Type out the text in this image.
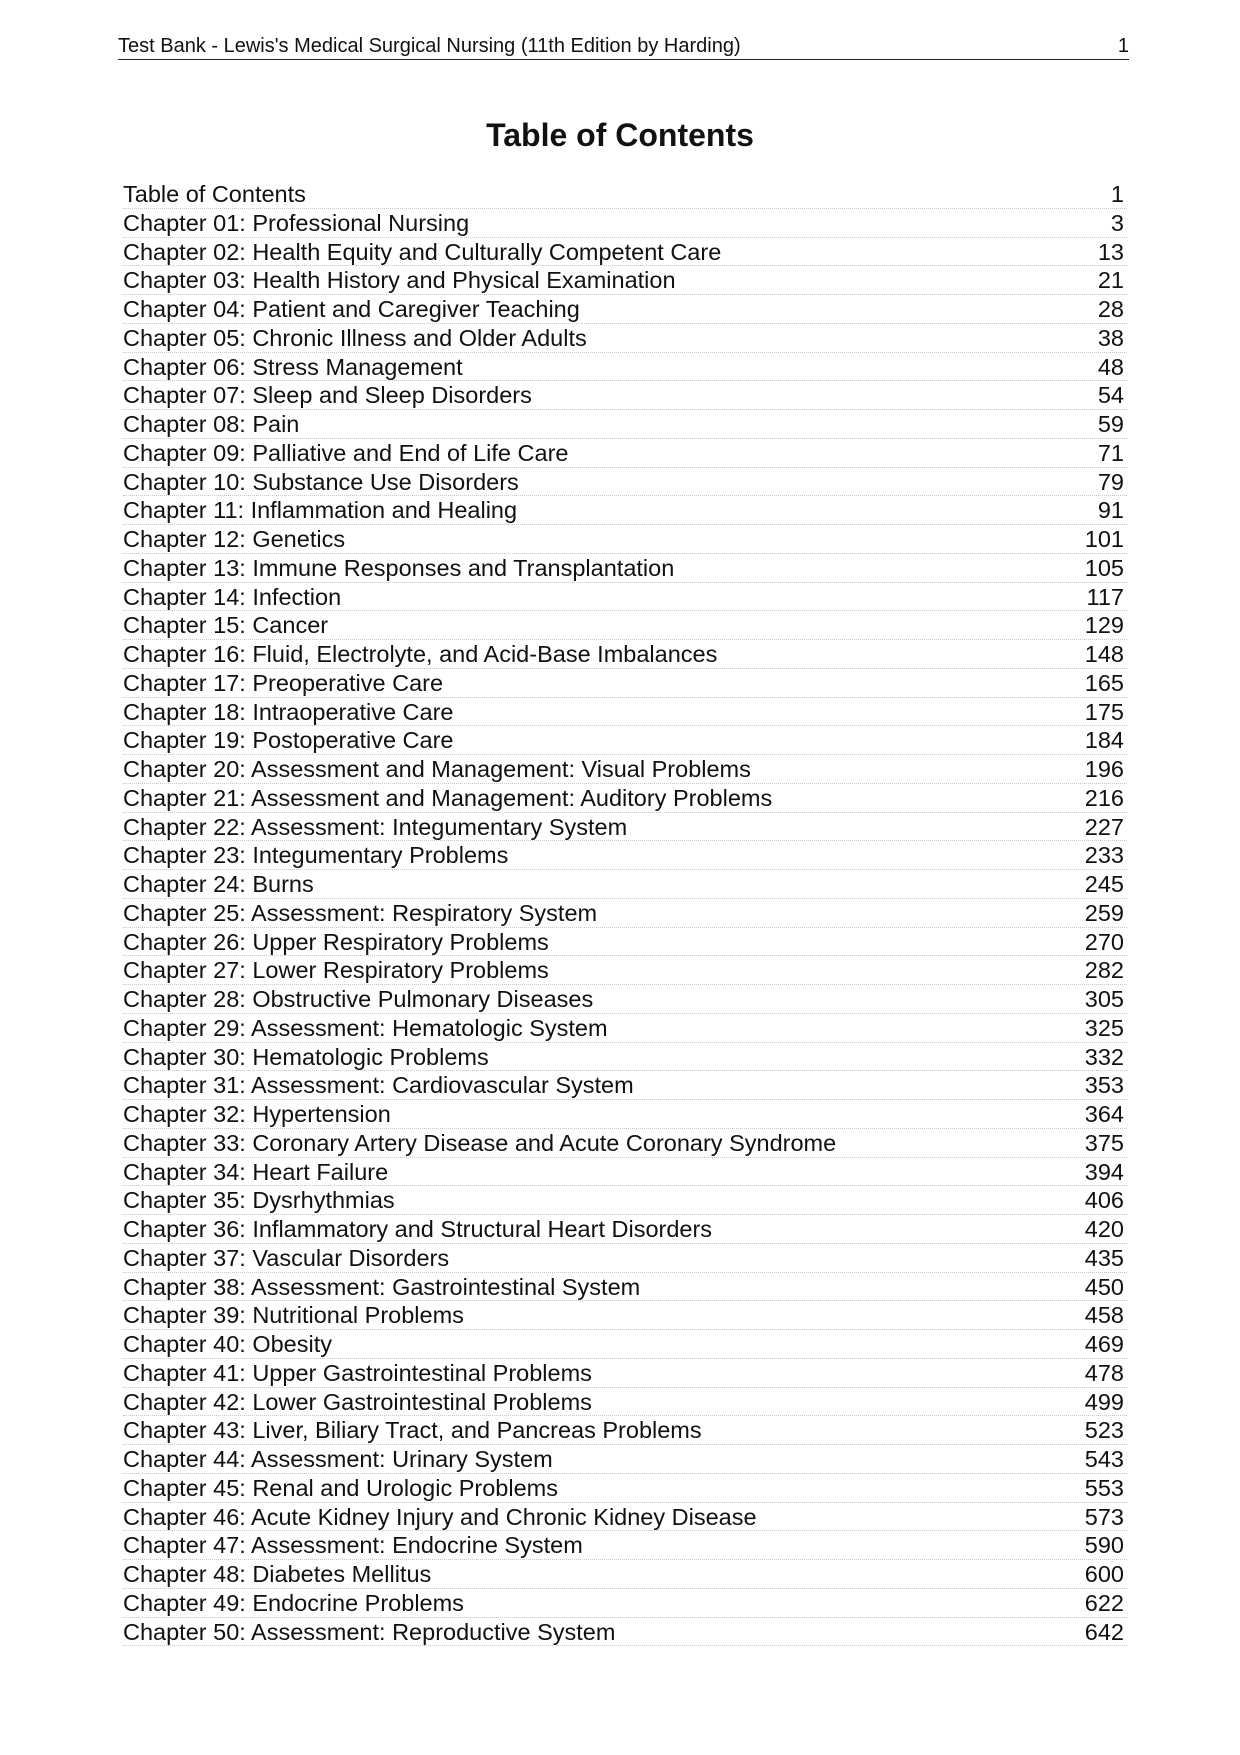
Test Bank - Lewis's Medical Surgical Nursing (11th Edition by Harding)	1
Table of Contents
Table of Contents	1
Chapter 01: Professional Nursing	3
Chapter 02: Health Equity and Culturally Competent Care	13
Chapter 03: Health History and Physical Examination	21
Chapter 04: Patient and Caregiver Teaching	28
Chapter 05: Chronic Illness and Older Adults	38
Chapter 06: Stress Management	48
Chapter 07: Sleep and Sleep Disorders	54
Chapter 08: Pain	59
Chapter 09: Palliative and End of Life Care	71
Chapter 10: Substance Use Disorders	79
Chapter 11: Inflammation and Healing	91
Chapter 12: Genetics	101
Chapter 13: Immune Responses and Transplantation	105
Chapter 14: Infection	117
Chapter 15: Cancer	129
Chapter 16: Fluid, Electrolyte, and Acid-Base Imbalances	148
Chapter 17: Preoperative Care	165
Chapter 18: Intraoperative Care	175
Chapter 19: Postoperative Care	184
Chapter 20: Assessment and Management: Visual Problems	196
Chapter 21: Assessment and Management: Auditory Problems	216
Chapter 22: Assessment: Integumentary System	227
Chapter 23: Integumentary Problems	233
Chapter 24: Burns	245
Chapter 25: Assessment: Respiratory System	259
Chapter 26: Upper Respiratory Problems	270
Chapter 27: Lower Respiratory Problems	282
Chapter 28: Obstructive Pulmonary Diseases	305
Chapter 29: Assessment: Hematologic System	325
Chapter 30: Hematologic Problems	332
Chapter 31: Assessment: Cardiovascular System	353
Chapter 32: Hypertension	364
Chapter 33: Coronary Artery Disease and Acute Coronary Syndrome	375
Chapter 34: Heart Failure	394
Chapter 35: Dysrhythmias	406
Chapter 36: Inflammatory and Structural Heart Disorders	420
Chapter 37: Vascular Disorders	435
Chapter 38: Assessment: Gastrointestinal System	450
Chapter 39: Nutritional Problems	458
Chapter 40: Obesity	469
Chapter 41: Upper Gastrointestinal Problems	478
Chapter 42: Lower Gastrointestinal Problems	499
Chapter 43: Liver, Biliary Tract, and Pancreas Problems	523
Chapter 44: Assessment: Urinary System	543
Chapter 45: Renal and Urologic Problems	553
Chapter 46: Acute Kidney Injury and Chronic Kidney Disease	573
Chapter 47: Assessment: Endocrine System	590
Chapter 48: Diabetes Mellitus	600
Chapter 49: Endocrine Problems	622
Chapter 50: Assessment: Reproductive System	642
